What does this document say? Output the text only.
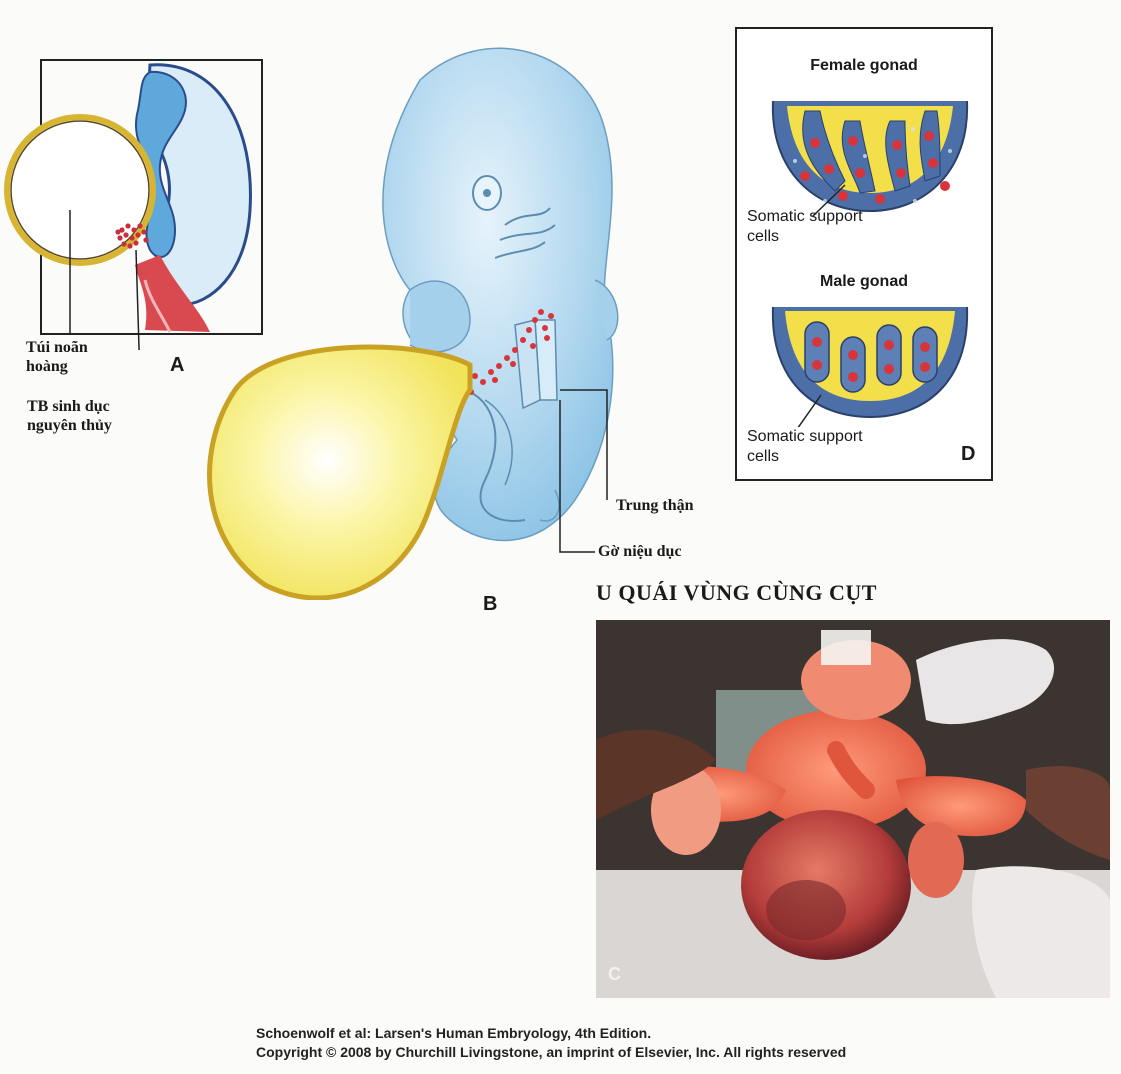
Túi noãn hoàng
TB sinh dục nguyên thủy
A
Trung thận
Gờ niệu dục
B
Female gonad
Somatic support cells
Male gonad
Somatic support cells	D
U QUÁI VÙNG CÙNG CỤT
C
Schoenwolf et al: Larsen's Human Embryology, 4th Edition.
Copyright © 2008 by Churchill Livingstone, an imprint of Elsevier, Inc. All rights reserved
